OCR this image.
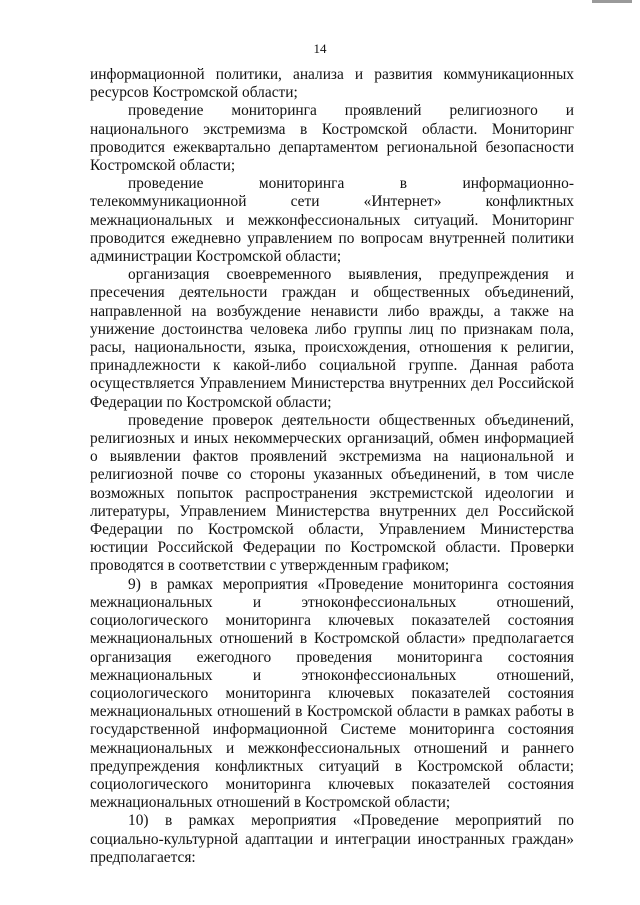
14

информационной политики, анализа и развития коммуникационных ресурсов Костромской области;

проведение мониторинга проявлений религиозного и национального экстремизма в Костромской области. Мониторинг проводится ежеквартально департаментом региональной безопасности Костромской области;

проведение мониторинга в информационно-телекоммуникационной сети «Интернет» конфликтных межнациональных и межконфессиональных ситуаций. Мониторинг проводится ежедневно управлением по вопросам внутренней политики администрации Костромской области;

организация своевременного выявления, предупреждения и пресечения деятельности граждан и общественных объединений, направленной на возбуждение ненависти либо вражды, а также на унижение достоинства человека либо группы лиц по признакам пола, расы, национальности, языка, происхождения, отношения к религии, принадлежности к какой-либо социальной группе. Данная работа осуществляется Управлением Министерства внутренних дел Российской Федерации по Костромской области;

проведение проверок деятельности общественных объединений, религиозных и иных некоммерческих организаций, обмен информацией о выявлении фактов проявлений экстремизма на национальной и религиозной почве со стороны указанных объединений, в том числе возможных попыток распространения экстремистской идеологии и литературы, Управлением Министерства внутренних дел Российской Федерации по Костромской области, Управлением Министерства юстиции Российской Федерации по Костромской области. Проверки проводятся в соответствии с утвержденным графиком;

9) в рамках мероприятия «Проведение мониторинга состояния межнациональных и этноконфессиональных отношений, социологического мониторинга ключевых показателей состояния межнациональных отношений в Костромской области» предполагается организация ежегодного проведения мониторинга состояния межнациональных и этноконфессиональных отношений, социологического мониторинга ключевых показателей состояния межнациональных отношений в Костромской области в рамках работы в государственной информационной Системе мониторинга состояния межнациональных и межконфессиональных отношений и раннего предупреждения конфликтных ситуаций в Костромской области; социологического мониторинга ключевых показателей состояния межнациональных отношений в Костромской области;

10) в рамках мероприятия «Проведение мероприятий по социально-культурной адаптации и интеграции иностранных граждан» предполагается:
